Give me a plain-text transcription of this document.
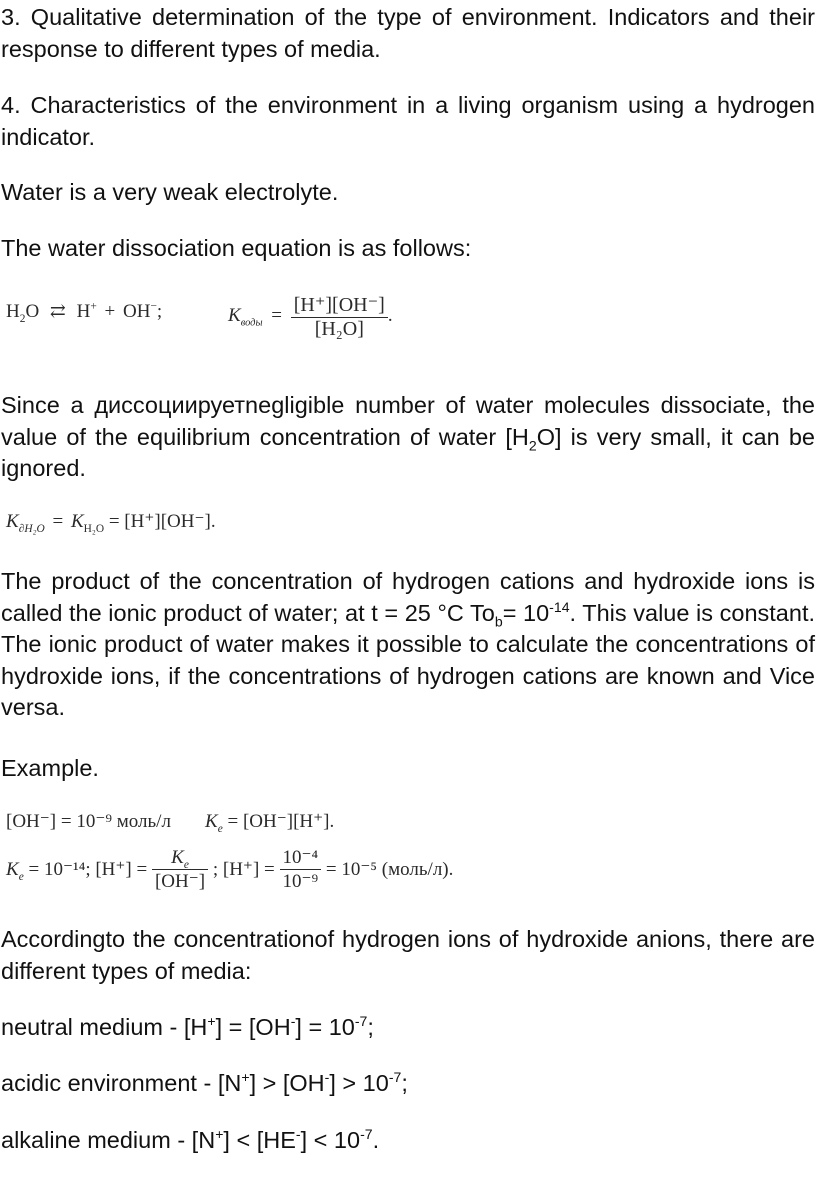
3. Qualitative determination of the type of environment. Indicators and their response to different types of media.

4. Characteristics of the environment in a living organism using a hydrogen indicator.

Water is a very weak electrolyte.

The water dissociation equation is as follows:

$H_2O$ ⇄ H+ + OH−;	$K_{воды} = \frac{[H^+][OH^-]}{\text{[H₂O]}}$ .

Since a диссоциируетnegligible number of water molecules dissociate, the value of the equilibrium concentration of water $[H_2O]$ is very small, it can be ignored.

$K_{\partial H_2O} = K_{H_2O} = [H^+][OH^-]$.

The product of the concentration of hydrogen cations and hydroxide ions is called the ionic product of water; at t = 25 °C $To_b= 10^{-14}$. This value is constant. The ionic product of water makes it possible to calculate the concentrations of hydroxide ions, if the concentrations of hydrogen cations are known and Vice versa.

Example.

[OH⁻] = 10⁻⁹ моль/л $K_e = [OH^-][H^+]$.
$K_e = 10^{-14}$; $[H^+] = \frac{K_e}{[OH^-]}$ ; $[H^+] = \frac{\text{10⁻⁴}}{\text{10⁻⁹}} = 10^{-5}$ (моль/л).

Accordingto the concentrationof hydrogen ions of hydroxide anions, there are different types of media:

neutral medium - $[H^+] = [OH^-] = 10^{-7}$;

acidic environment - $[N^+] > [OH^-] > 10^{-7}$;

alkaline medium - $[N^+] < [HE^-] < 10^{-7}$.
